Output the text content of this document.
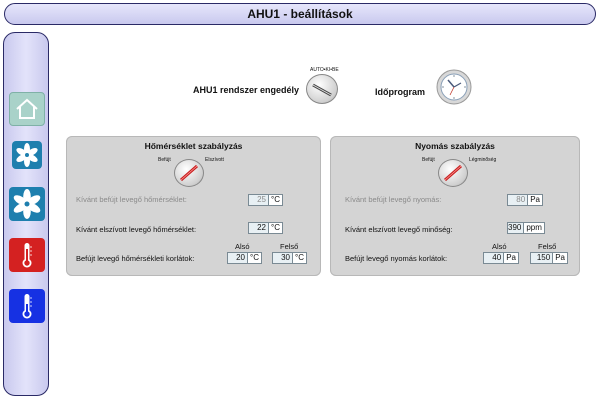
AHU1 - beállítások
AHU1 rendszer engedély
AUTO•KI•BE
Időprogram
Hőmérséklet szabályzás
Befújt	Elszívott
Kívánt befújt levegő hőmérséklet:	25 °C
Kívánt elszívott levegő hőmérséklet:	22 °C
Alsó	Felső
Befújt levegő hőmérsékleti korlátok:	20 °C	30 °C
Nyomás szabályzás
Befújt	Légminőség
Kívánt befújt levegő nyomás:	80 Pa
Kívánt elszívott levegő minőség:	390 ppm
Alsó	Felső
Befújt levegő nyomás korlátok:	40 Pa	150 Pa
